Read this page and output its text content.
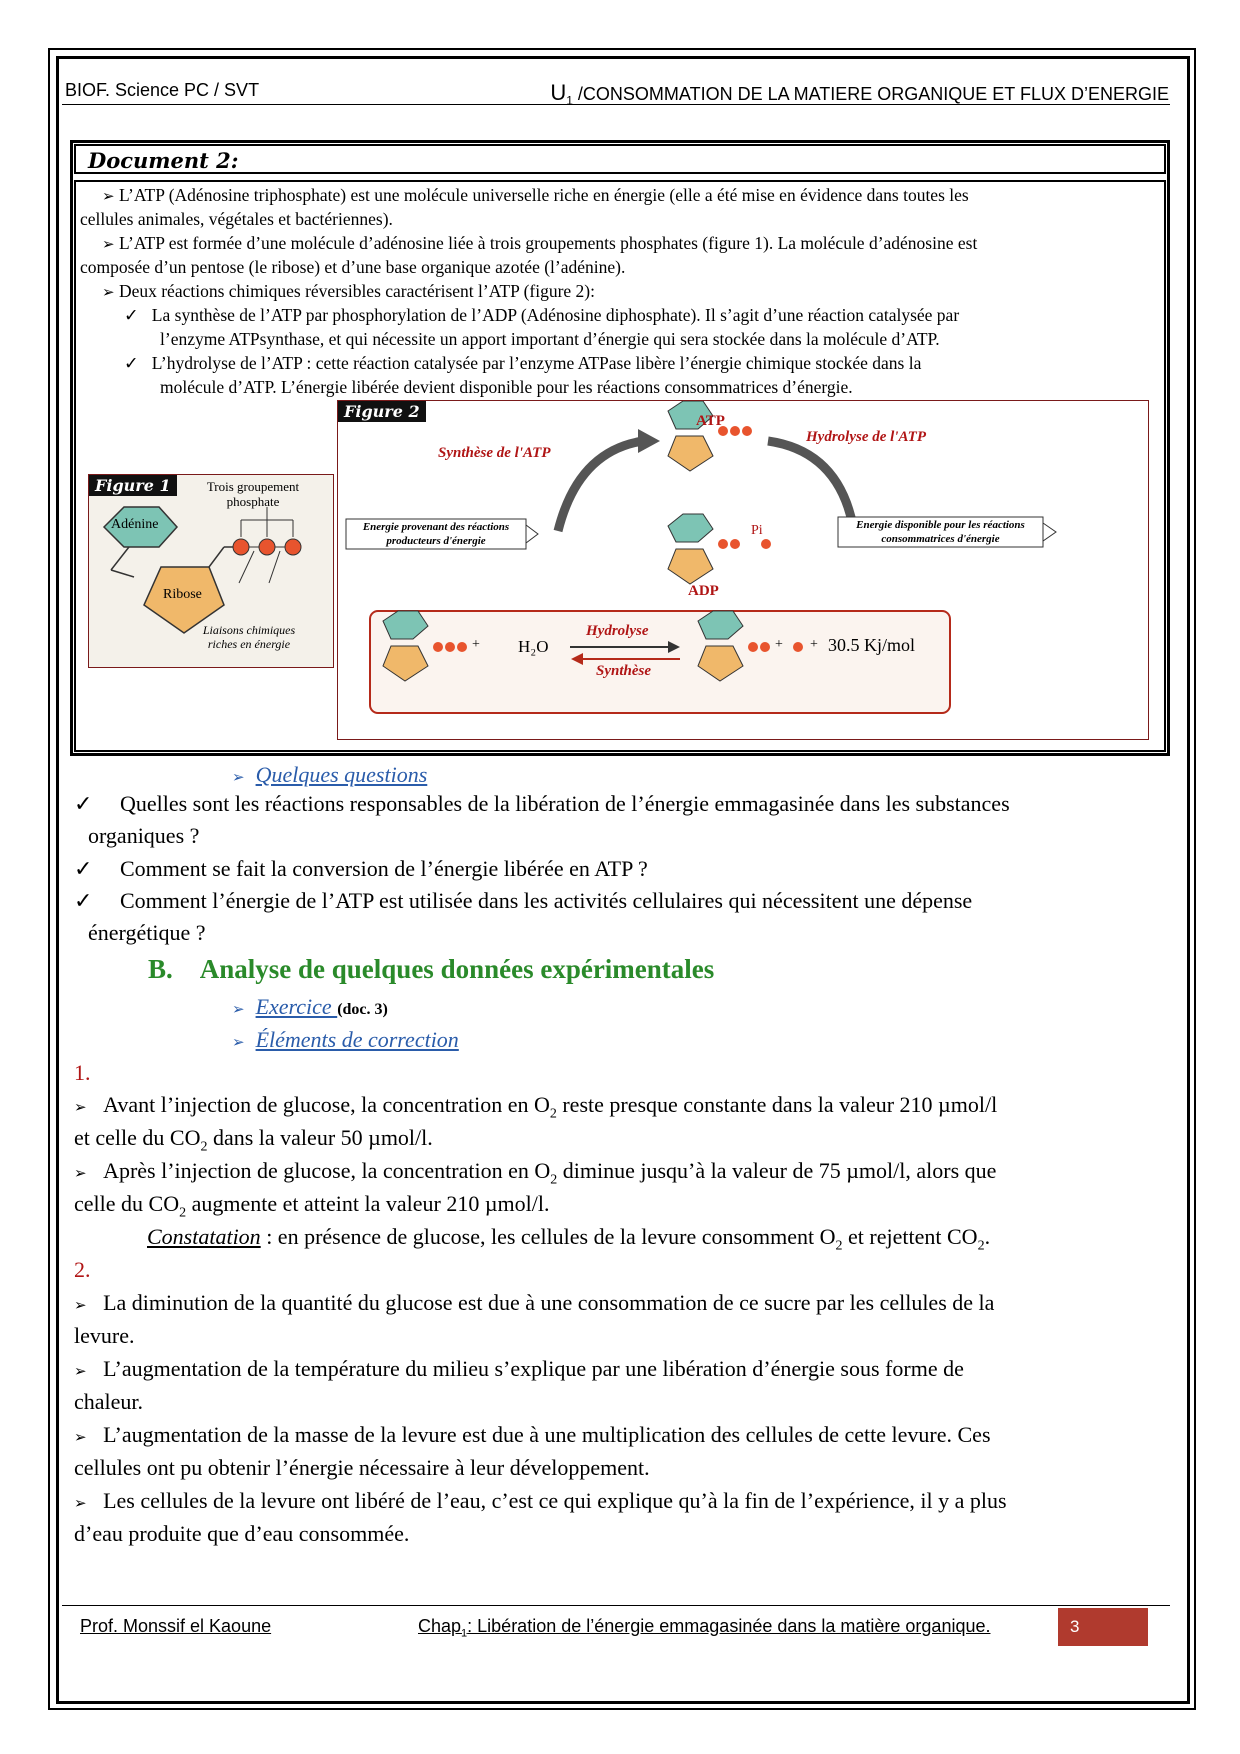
BIOF. Science PC / SVT	$U_1$ /CONSOMMATION DE LA MATIERE ORGANIQUE ET FLUX D’ENERGIE
Document 2:
➢ L’ATP (Adénosine triphosphate) est une molécule universelle riche en énergie (elle a été mise en évidence dans toutes les
cellules animales, végétales et bactériennes).
➢ L’ATP est formée d’une molécule d’adénosine liée à trois groupements phosphates (figure 1). La molécule d’adénosine est
composée d’un pentose (le ribose) et d’une base organique azotée (l’adénine).
➢ Deux réactions chimiques réversibles caractérisent l’ATP (figure 2):
✓ La synthèse de l’ATP par phosphorylation de l’ADP (Adénosine diphosphate). Il s’agit d’une réaction catalysée par
l’enzyme ATPsynthase, et qui nécessite un apport important d’énergie qui sera stockée dans la molécule d’ATP.
✓ L’hydrolyse de l’ATP : cette réaction catalysée par l’enzyme ATPase libère l’énergie chimique stockée dans la
molécule d’ATP. L’énergie libérée devient disponible pour les réactions consommatrices d’énergie.
Figure 1
Adénine
Ribose
Trois groupement
phosphate
Liaisons chimiques
riches en énergie
Figure 2	ATP
ADP
Pi
Synthèse de l'ATP
Hydrolyse de l'ATP
Energie provenant des réactions
producteurs d'énergie
Energie disponible pour les réactions
consommatrices d'énergie
+ H₂O
Hydrolyse
Synthèse
+ + 30.5 Kj/mol
➢ Quelques questions
✓ Quelles sont les réactions responsables de la libération de l’énergie emmagasinée dans les substances
organiques ?
✓ Comment se fait la conversion de l’énergie libérée en ATP ?
✓ Comment l’énergie de l’ATP est utilisée dans les activités cellulaires qui nécessitent une dépense
énergétique ?
B. Analyse de quelques données expérimentales
➢ Exercice (doc. 3)
➢ Éléments de correction
1.
➢ Avant l’injection de glucose, la concentration en $O_2$ reste presque constante dans la valeur 210 µmol/l
et celle du $CO_2$ dans la valeur 50 µmol/l.
➢ Après l’injection de glucose, la concentration en $O_2$ diminue jusqu’à la valeur de 75 µmol/l, alors que
celle du $CO_2$ augmente et atteint la valeur 210 µmol/l.
Constatation : en présence de glucose, les cellules de la levure consomment $O_2$ et rejettent $CO_2$.
2.
➢ La diminution de la quantité du glucose est due à une consommation de ce sucre par les cellules de la
levure.
➢ L’augmentation de la température du milieu s’explique par une libération d’énergie sous forme de
chaleur.
➢ L’augmentation de la masse de la levure est due à une multiplication des cellules de cette levure. Ces
cellules ont pu obtenir l’énergie nécessaire à leur développement.
➢ Les cellules de la levure ont libéré de l’eau, c’est ce qui explique qu’à la fin de l’expérience, il y a plus
d’eau produite que d’eau consommée.
Prof. Monssif el Kaoune	Chap$_1$: Libération de l’énergie emmagasinée dans la matière organique.	3
